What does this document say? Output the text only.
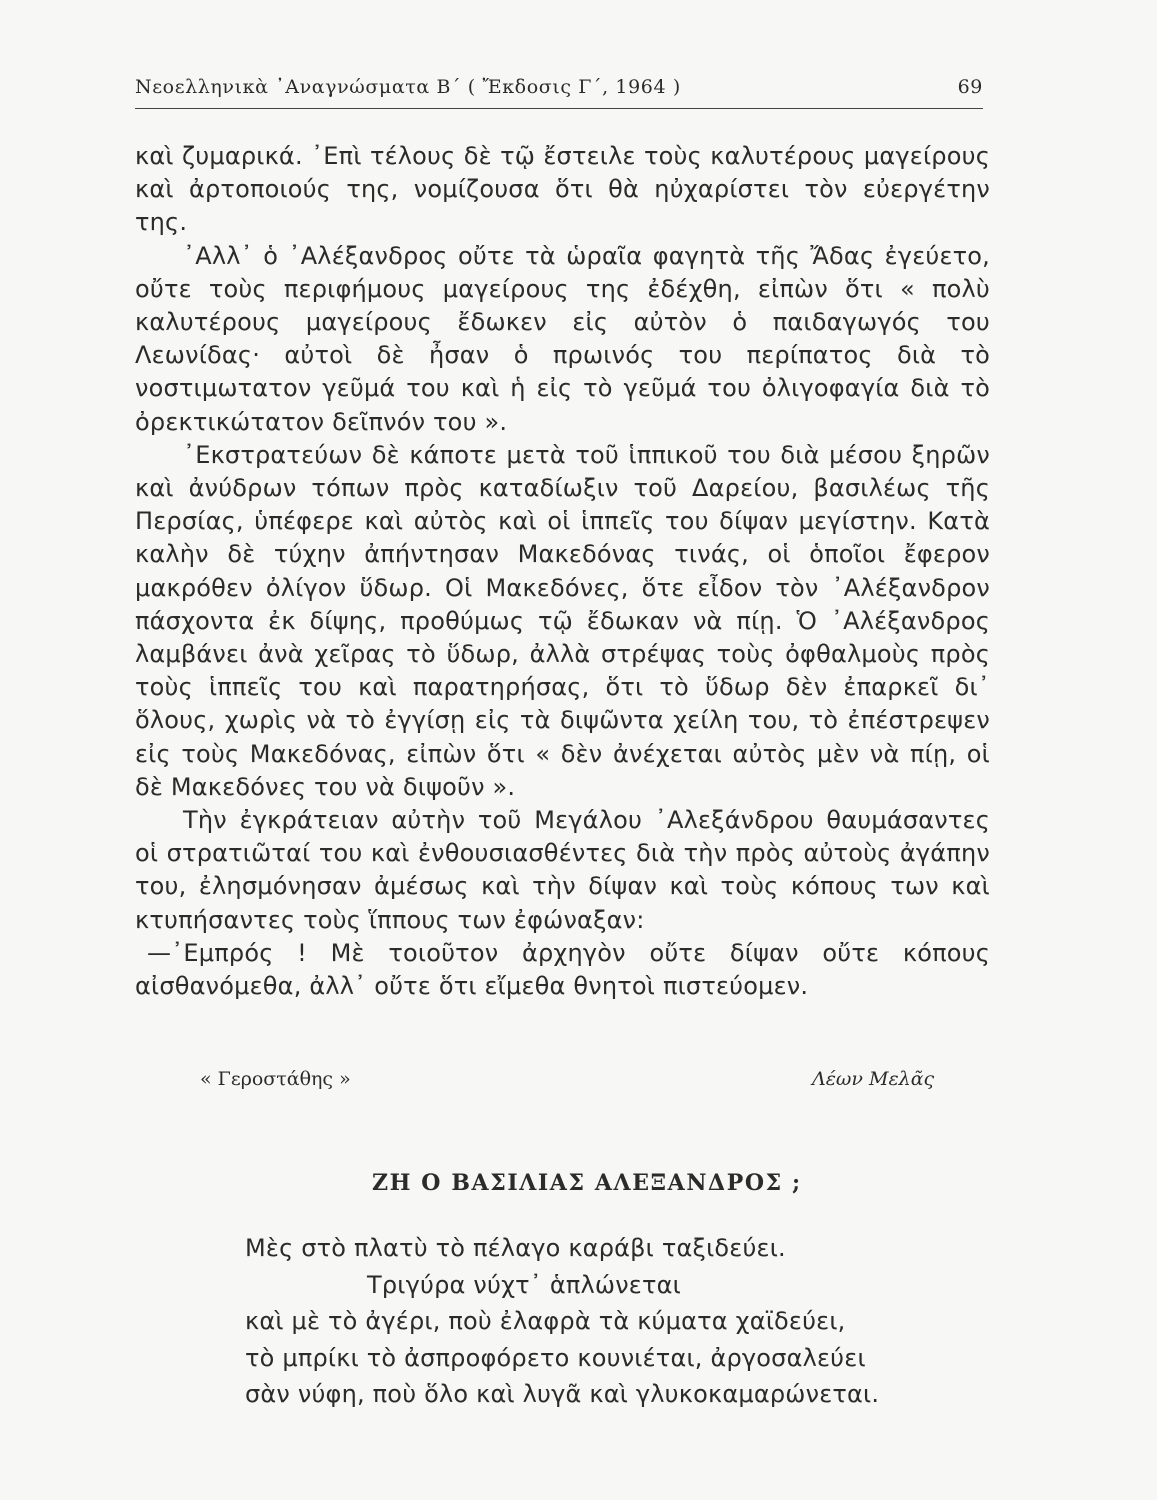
Νεοελληνικὰ ᾿Αναγνώσματα Β΄ ( Ἔκδοσις Γ΄, 1964 )	69

καὶ ζυμαρικά. ᾿Επὶ τέλους δὲ τῷ ἔστειλε τοὺς καλυτέρους μαγείρους καὶ ἀρτοποιούς της, νομίζουσα ὅτι θὰ ηὐχαρίστει τὸν εὐεργέτην της.

᾿Αλλ᾿ ὁ ᾿Αλέξανδρος οὔτε τὰ ὡραῖα φαγητὰ τῆς Ἄδας ἐγεύετο, οὔτε τοὺς περιφήμους μαγείρους της ἐδέχθη, εἰπὼν ὅτι « πολὺ καλυτέρους μαγείρους ἔδωκεν εἰς αὐτὸν ὁ παιδαγωγός του Λεωνίδας· αὐτοὶ δὲ ἦσαν ὁ πρωινός του περίπατος διὰ τὸ νοστιμωτατον γεῦμά του καὶ ἡ εἰς τὸ γεῦμά του ὀλιγοφαγία διὰ τὸ ὀρεκτικώτατον δεῖπνόν του ».

᾿Εκστρατεύων δὲ κάποτε μετὰ τοῦ ἱππικοῦ του διὰ μέσου ξηρῶν καὶ ἀνύδρων τόπων πρὸς καταδίωξιν τοῦ Δαρείου, βασιλέως τῆς Περσίας, ὑπέφερε καὶ αὐτὸς καὶ οἱ ἱππεῖς του δίψαν μεγίστην. Κατὰ καλὴν δὲ τύχην ἀπήντησαν Μακεδόνας τινάς, οἱ ὁποῖοι ἔφερον μακρόθεν ὀλίγον ὕδωρ. Οἱ Μακεδόνες, ὅτε εἶδον τὸν ᾿Αλέξανδρον πάσχοντα ἐκ δίψης, προθύμως τῷ ἔδωκαν νὰ πίῃ. Ὁ ᾿Αλέξανδρος λαμβάνει ἀνὰ χεῖρας τὸ ὕδωρ, ἀλλὰ στρέψας τοὺς ὀφθαλμοὺς πρὸς τοὺς ἱππεῖς του καὶ παρατηρήσας, ὅτι τὸ ὕδωρ δὲν ἐπαρκεῖ δι᾿ ὅλους, χωρὶς νὰ τὸ ἐγγίσῃ εἰς τὰ διψῶντα χείλη του, τὸ ἐπέστρεψεν εἰς τοὺς Μακεδόνας, εἰπὼν ὅτι « δὲν ἀνέχεται αὐτὸς μὲν νὰ πίῃ, οἱ δὲ Μακεδόνες του νὰ διψοῦν ».

Τὴν ἐγκράτειαν αὐτὴν τοῦ Μεγάλου ᾿Αλεξάνδρου θαυμάσαντες οἱ στρατιῶταί του καὶ ἐνθουσιασθέντες διὰ τὴν πρὸς αὐτοὺς ἀγάπην του, ἐλησμόνησαν ἀμέσως καὶ τὴν δίψαν καὶ τοὺς κόπους των καὶ κτυπήσαντες τοὺς ἵππους των ἐφώναξαν:

—᾿Εμπρός ! Μὲ τοιοῦτον ἀρχηγὸν οὔτε δίψαν οὔτε κόπους αἰσθανόμεθα, ἀλλ᾿ οὔτε ὅτι εἴμεθα θνητοὶ πιστεύομεν.

« Γεροστάθης »	Λέων Μελᾶς
ΖΗ Ο ΒΑΣΙΛΙΑΣ ΑΛΕΞΑΝΔΡΟΣ ;
Μὲς στὸ πλατὺ τὸ πέλαγο καράβι ταξιδεύει.
Τριγύρα νύχτ᾿ ἁπλώνεται
καὶ μὲ τὸ ἀγέρι, ποὺ ἐλαφρὰ τὰ κύματα χαϊδεύει,
τὸ μπρίκι τὸ ἀσπροφόρετο κουνιέται, ἀργοσαλεύει
σὰν νύφη, ποὺ ὅλο καὶ λυγᾶ καὶ γλυκοκαμαρώνεται.
